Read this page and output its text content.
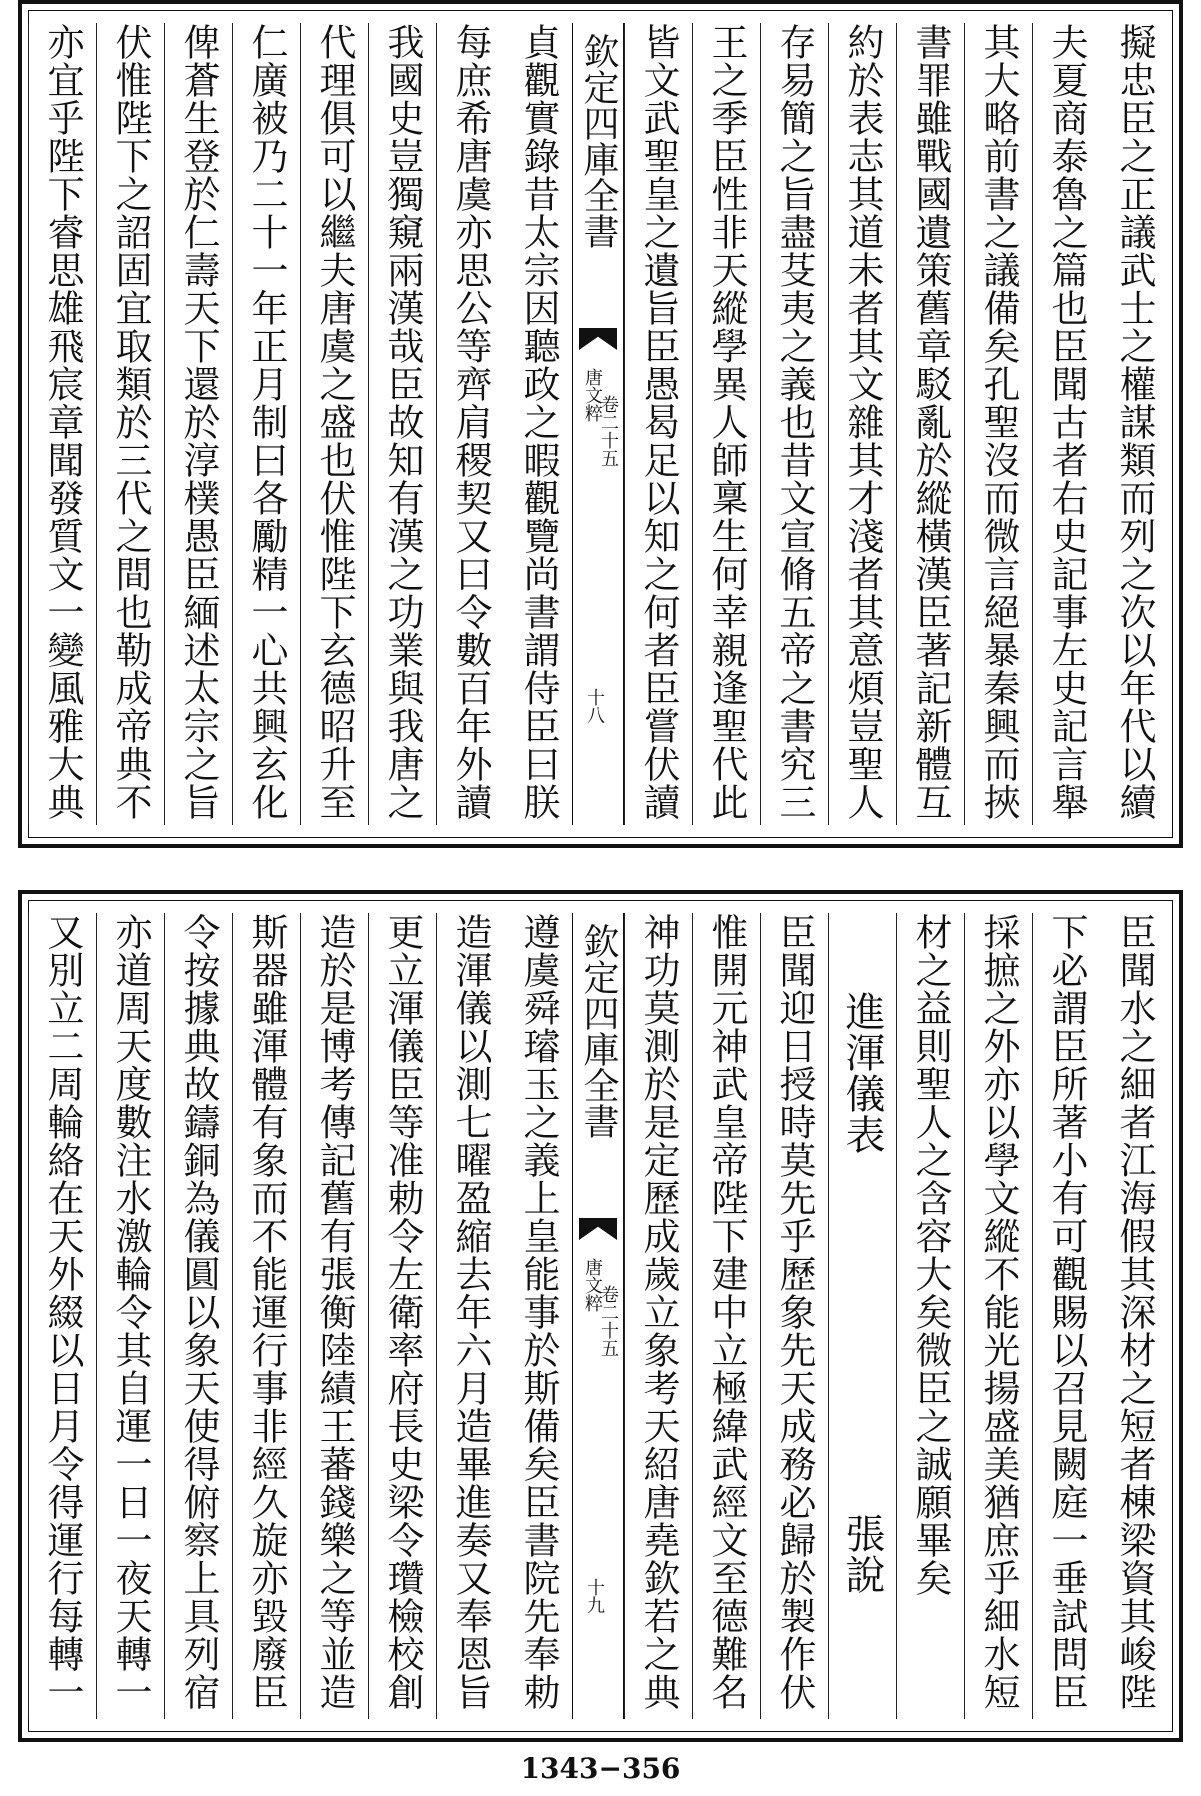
擬忠臣之正議武士之權謀類而列之次以年代以續
夫夏商泰魯之篇也臣聞古者右史記事左史記言舉
其大略前書之議備矣孔聖沒而微言絕暴秦興而挾
書罪雖戰國遺策舊章駁亂於縱橫漢臣著記新體互
約於表志其道未者其文雜其才淺者其意煩豈聖人
存易簡之旨盡芟夷之義也昔文宣脩五帝之書究三
王之季臣性非天縱學異人師稟生何幸親逢聖代此
皆文武聖皇之遺旨臣愚曷足以知之何者臣嘗伏讀
欽定四庫全書
唐文粹
卷二十五
十八
貞觀實錄昔太宗因聽政之暇觀覽尚書謂侍臣曰朕
每庶希唐虞亦思公等齊肩稷契又曰令數百年外讀
我國史豈獨窺兩漢哉臣故知有漢之功業與我唐之
代理俱可以繼夫唐虞之盛也伏惟陛下玄德昭升至
仁廣被乃二十一年正月制曰各勵精一心共興玄化
俾蒼生登於仁壽天下還於淳樸愚臣緬述太宗之旨
伏惟陛下之詔固宜取類於三代之間也勒成帝典不
亦宜乎陛下睿思雄飛宸章聞發質文一變風雅大典
臣聞水之細者江海假其深材之短者棟梁資其峻陛
下必謂臣所著小有可觀賜以召見闕庭一垂試問臣
採摭之外亦以學文縱不能光揚盛美猶庶乎細水短
材之益則聖人之含容大矣微臣之誠願畢矣
進渾儀表
張說
臣聞迎日授時莫先乎歷象先天成務必歸於製作伏
惟開元神武皇帝陛下建中立極緯武經文至德難名
神功莫測於是定歷成歲立象考天紹唐堯欽若之典
欽定四庫全書
唐文粹
卷二十五
十九
遵虞舜璿玉之義上皇能事於斯備矣臣書院先奉勅
造渾儀以測七曜盈縮去年六月造畢進奏又奉恩旨
更立渾儀臣等准勅令左衛率府長史梁令瓚檢校創
造於是博考傳記舊有張衡陸績王蕃錢樂之等並造
斯器雖渾體有象而不能運行事非經久旋亦毀廢臣
令按據典故鑄銅為儀圓以象天使得俯察上具列宿
亦道周天度數注水激輪令其自運一日一夜天轉一
又別立二周輪絡在天外綴以日月令得運行每轉一
1343−356
